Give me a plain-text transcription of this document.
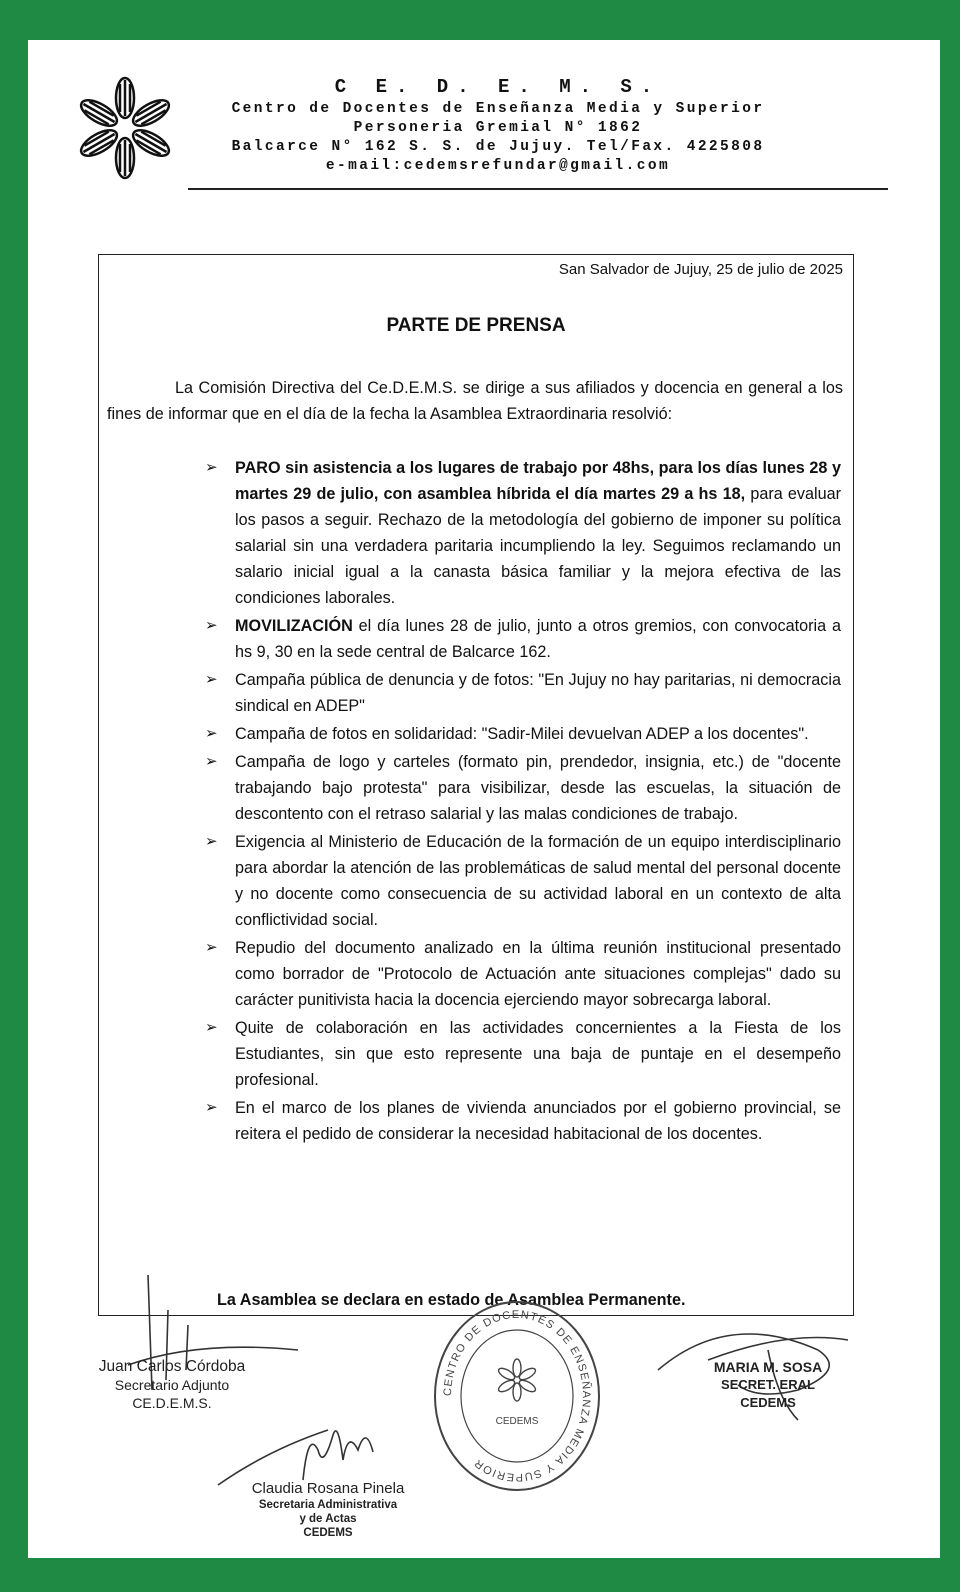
C E. D. E. M. S.
Centro de Docentes de Enseñanza Media y Superior
Personeria Gremial N° 1862
Balcarce N° 162 S. S. de Jujuy. Tel/Fax. 4225808
e-mail:cedemsrefundar@gmail.com
San Salvador de Jujuy, 25 de julio de 2025
PARTE DE PRENSA
La Comisión Directiva del Ce.D.E.M.S. se dirige a sus afiliados y docencia en general a los fines de informar que en el día de la fecha la Asamblea Extraordinaria resolvió:
➢ PARO sin asistencia a los lugares de trabajo por 48hs, para los días lunes 28 y martes 29 de julio, con asamblea híbrida el día martes 29 a hs 18, para evaluar los pasos a seguir. Rechazo de la metodología del gobierno de imponer su política salarial sin una verdadera paritaria incumpliendo la ley. Seguimos reclamando un salario inicial igual a la canasta básica familiar y la mejora efectiva de las condiciones laborales.
➢ MOVILIZACIÓN el día lunes 28 de julio, junto a otros gremios, con convocatoria a hs 9, 30 en la sede central de Balcarce 162.
➢ Campaña pública de denuncia y de fotos: "En Jujuy no hay paritarias, ni democracia sindical en ADEP"
➢ Campaña de fotos en solidaridad: "Sadir-Milei devuelvan ADEP a los docentes".
➢ Campaña de logo y carteles (formato pin, prendedor, insignia, etc.) de "docente trabajando bajo protesta" para visibilizar, desde las escuelas, la situación de descontento con el retraso salarial y las malas condiciones de trabajo.
➢ Exigencia al Ministerio de Educación de la formación de un equipo interdisciplinario para abordar la atención de las problemáticas de salud mental del personal docente y no docente como consecuencia de su actividad laboral en un contexto de alta conflictividad social.
➢ Repudio del documento analizado en la última reunión institucional presentado como borrador de "Protocolo de Actuación ante situaciones complejas" dado su carácter punitivista hacia la docencia ejerciendo mayor sobrecarga laboral.
➢ Quite de colaboración en las actividades concernientes a la Fiesta de los Estudiantes, sin que esto represente una baja de puntaje en el desempeño profesional.
➢ En el marco de los planes de vivienda anunciados por el gobierno provincial, se reitera el pedido de considerar la necesidad habitacional de los docentes.
La Asamblea se declara en estado de Asamblea Permanente.
CENTRO DE DOCENTES DE ENSEÑANZA MEDIA Y SUPERIOR
CEDEMS
Juan Carlos Córdoba
Secretario Adjunto
CE.D.E.M.S.
Claudia Rosana Pinela
Secretaria Administrativa
y de Actas
CEDEMS
MARIA M. SOSA
SECRET. ERAL
CEDEMS
